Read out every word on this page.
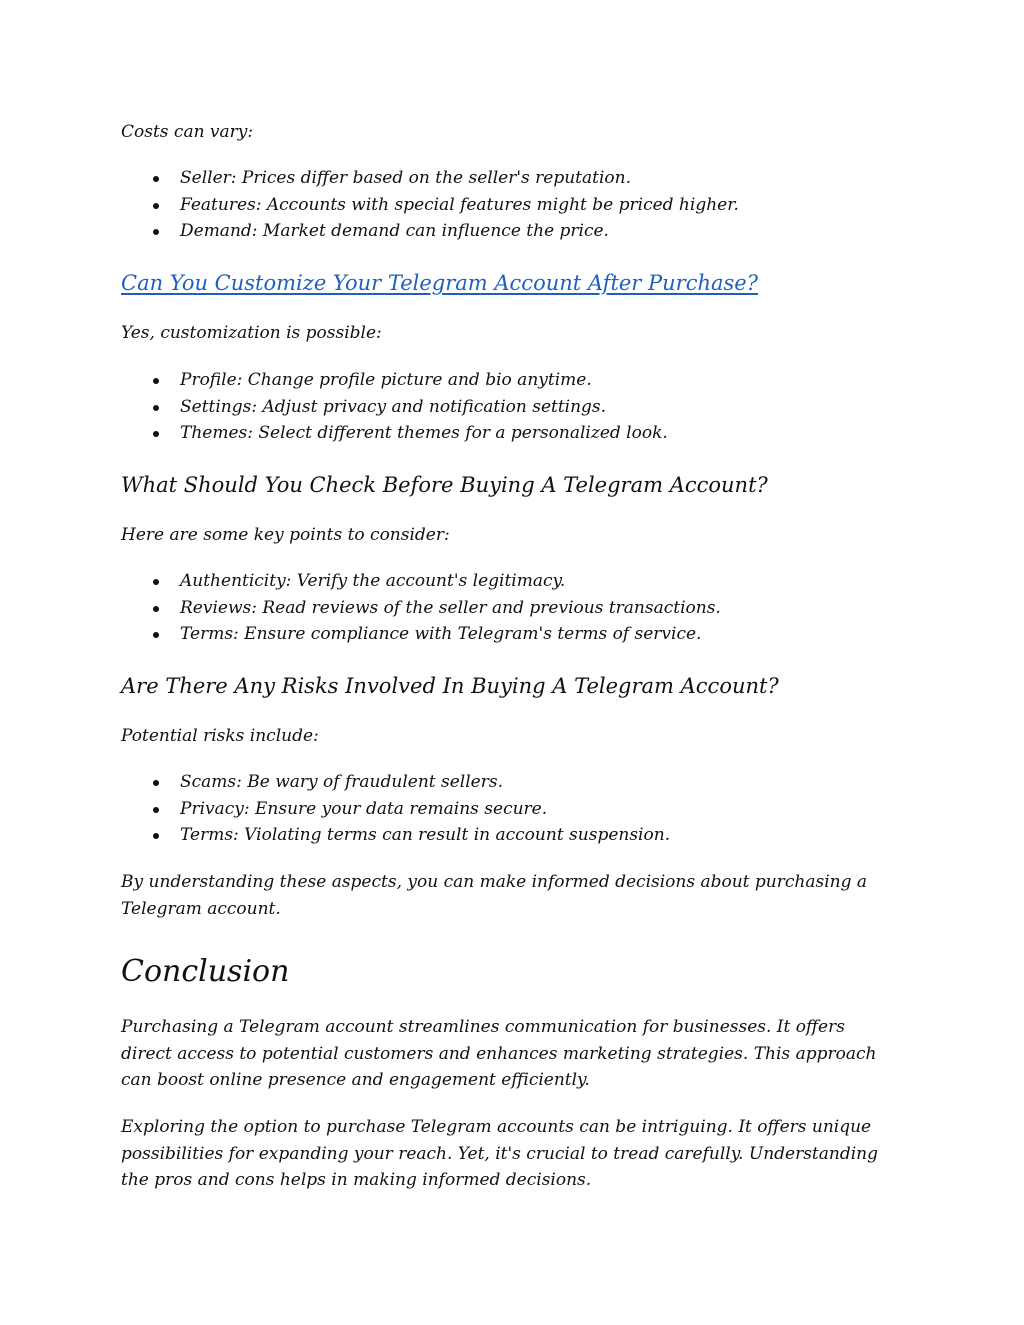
Costs can vary:

Seller: Prices differ based on the seller's reputation.
Features: Accounts with special features might be priced higher.
Demand: Market demand can influence the price.
Can You Customize Your Telegram Account After Purchase?

Yes, customization is possible:

Profile: Change profile picture and bio anytime.
Settings: Adjust privacy and notification settings.
Themes: Select different themes for a personalized look.
What Should You Check Before Buying A Telegram Account?

Here are some key points to consider:

Authenticity: Verify the account's legitimacy.
Reviews: Read reviews of the seller and previous transactions.
Terms: Ensure compliance with Telegram's terms of service.
Are There Any Risks Involved In Buying A Telegram Account?

Potential risks include:

Scams: Be wary of fraudulent sellers.
Privacy: Ensure your data remains secure.
Terms: Violating terms can result in account suspension.

By understanding these aspects, you can make informed decisions about purchasing a Telegram account.

Conclusion

Purchasing a Telegram account streamlines communication for businesses. It offers direct access to potential customers and enhances marketing strategies. This approach can boost online presence and engagement efficiently.

Exploring the option to purchase Telegram accounts can be intriguing. It offers unique possibilities for expanding your reach. Yet, it's crucial to tread carefully. Understanding the pros and cons helps in making informed decisions.
